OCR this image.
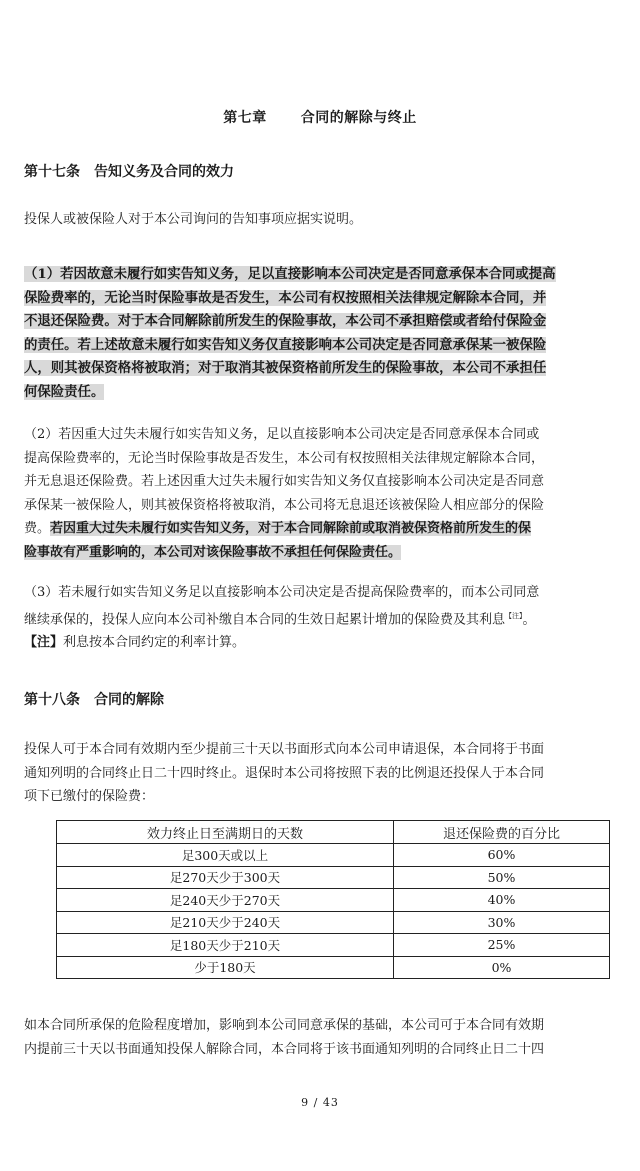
第七章 合同的解除与终止
第十七条 告知义务及合同的效力
投保人或被保险人对于本公司询问的告知事项应据实说明。
（1）若因故意未履行如实告知义务，足以直接影响本公司决定是否同意承保本合同或提高
保险费率的，无论当时保险事故是否发生，本公司有权按照相关法律规定解除本合同，并
不退还保险费。对于本合同解除前所发生的保险事故，本公司不承担赔偿或者给付保险金
的责任。若上述故意未履行如实告知义务仅直接影响本公司决定是否同意承保某一被保险
人，则其被保资格将被取消；对于取消其被保资格前所发生的保险事故，本公司不承担任
何保险责任。
（2）若因重大过失未履行如实告知义务，足以直接影响本公司决定是否同意承保本合同或
提高保险费率的，无论当时保险事故是否发生，本公司有权按照相关法律规定解除本合同，
并无息退还保险费。若上述因重大过失未履行如实告知义务仅直接影响本公司决定是否同意
承保某一被保险人，则其被保资格将被取消，本公司将无息退还该被保险人相应部分的保险
费。若因重大过失未履行如实告知义务，对于本合同解除前或取消被保资格前所发生的保
险事故有严重影响的，本公司对该保险事故不承担任何保险责任。
（3）若未履行如实告知义务足以直接影响本公司决定是否提高保险费率的，而本公司同意
继续承保的，投保人应向本公司补缴自本合同的生效日起累计增加的保险费及其利息$^{【注】}$。
【注】利息按本合同约定的利率计算。
第十八条 合同的解除
投保人可于本合同有效期内至少提前三十天以书面形式向本公司申请退保，本合同将于书面
通知列明的合同终止日二十四时终止。退保时本公司将按照下表的比例退还投保人于本合同
项下已缴付的保险费：
效力终止日至满期日的天数	退还保险费的百分比
足300天或以上	60%
足270天少于300天	50%
足240天少于270天	40%
足210天少于240天	30%
足180天少于210天	25%
少于180天	0%
如本合同所承保的危险程度增加，影响到本公司同意承保的基础，本公司可于本合同有效期
内提前三十天以书面通知投保人解除合同，本合同将于该书面通知列明的合同终止日二十四
9 / 43
